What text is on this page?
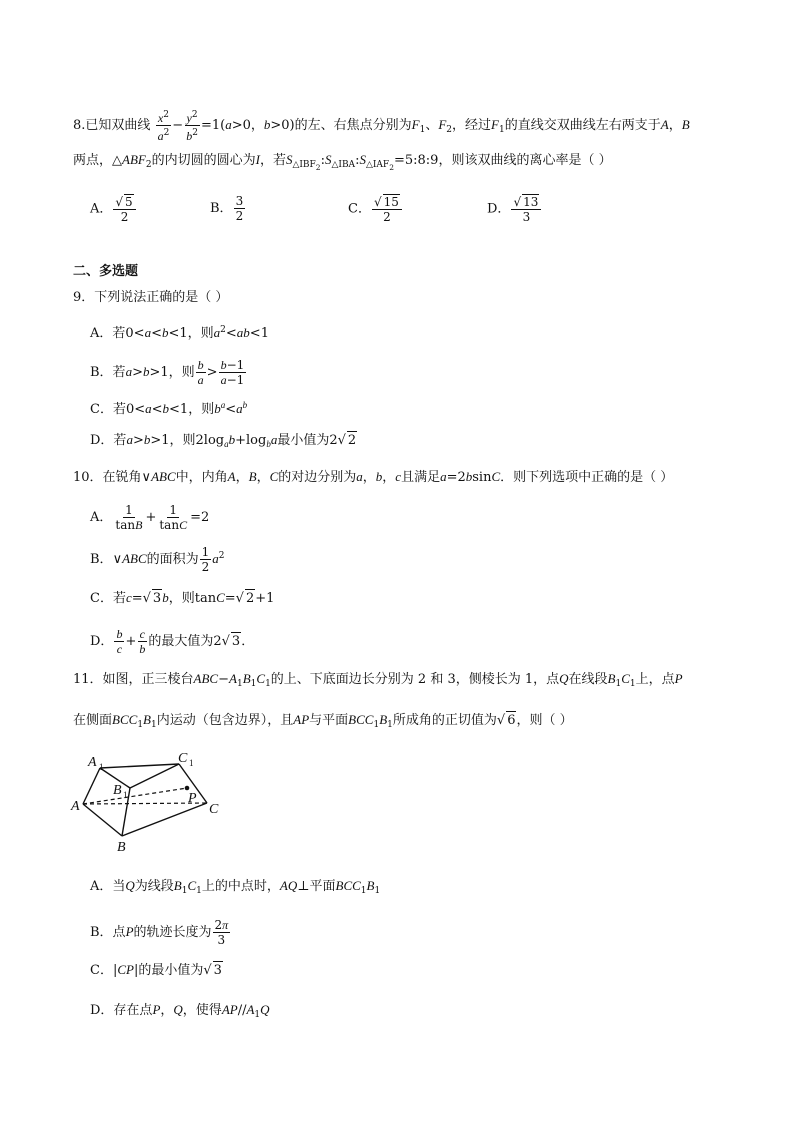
8.已知双曲线 $\frac{x^2}{a^2} - \frac{y^2}{b^2} =1(a>0$，b>0)的左、右焦点分别为$F_1$、$F_2$，经过$F_1$的直线交双曲线左右两支于A，B
两点，$\triangle ABF_2$的内切圆的圆心为I，若$S_{\triangle IBF_2}:S_{\triangle IBA}:S_{\triangle IAF_2}=5:8:9$，则该双曲线的离心率是（ ）
A． $\frac{√ 5}{2}$	B． $\frac{3}{2}$	C． $\frac{√ 15}{2}$	D． $\frac{√ 13}{3}$
二、多选题
9．下列说法正确的是（ ）
A．若0<a<b<1，则$a^2<ab<1$
B．若a>b>1，则 $\frac{b}{a} > \frac{b-1}{a-1}$
C．若0<a<b<1，则$b^a<a^b$
D．若a>b>1，则$2\log_ab+\log_ba$最小值为2√ 2
10．在锐角∨ABC中，内角A，B，C的对边分别为a，b，c且满足a=2bsinC．则下列选项中正确的是（ ）
A． $\frac{1}{\tan B} + \frac{1}{\tan C} =2$
B．∨ABC的面积为 $\frac{1}{2} a^2$
C．若c=√ 3b，则tanC=√ 2+1
D． $\frac{b}{c} + \frac{c}{b}$ 的最大值为2√ 3．
11．如图，正三棱台$ABC-A_1B_1C_1$的上、下底面边长分别为 2 和 3，侧棱长为 1，点Q在线段$B_1C_1$上，点P
在侧面$BCC_1B_1$内运动（包含边界），且AP与平面$BCC_1B_1$所成角的正切值为√ 6，则（ ）
A 1
B 1
C 1
A
B
C
P
A．当Q为线段$B_1C_1$上的中点时，AQ⊥平面$BCC_1B_1$
B．点P的轨迹长度为 $\frac{2\pi}{3}$
C．|CP|的最小值为√ 3
D．存在点P，Q，使得$AP//A_1Q$
